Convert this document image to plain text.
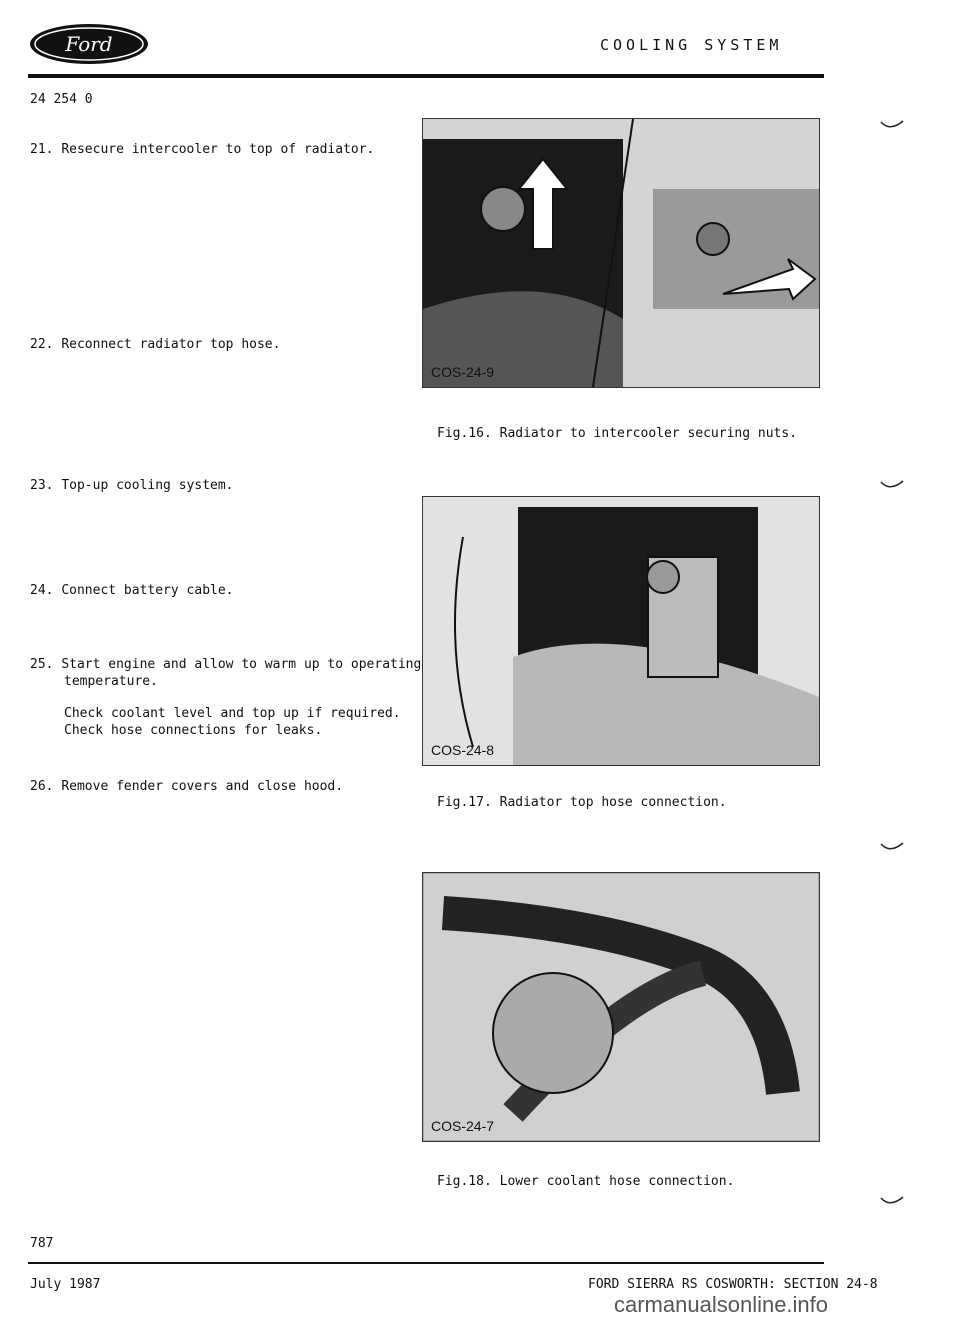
Ford	COOLING SYSTEM
24 254 0
21. Resecure intercooler to top of radiator.
22. Reconnect radiator top hose.
23. Top-up cooling system.
24. Connect battery cable.
25. Start engine and allow to warm up to operating
temperature.
Check coolant level and top up if required.
Check hose connections for leaks.
26. Remove fender covers and close hood.
COS-24-9
Fig.16. Radiator to intercooler securing nuts.
COS-24-8
Fig.17. Radiator top hose connection.
COS-24-7
Fig.18. Lower coolant hose connection.
787
July 1987	FORD SIERRA RS COSWORTH: SECTION 24-8
carmanualsonline.info
